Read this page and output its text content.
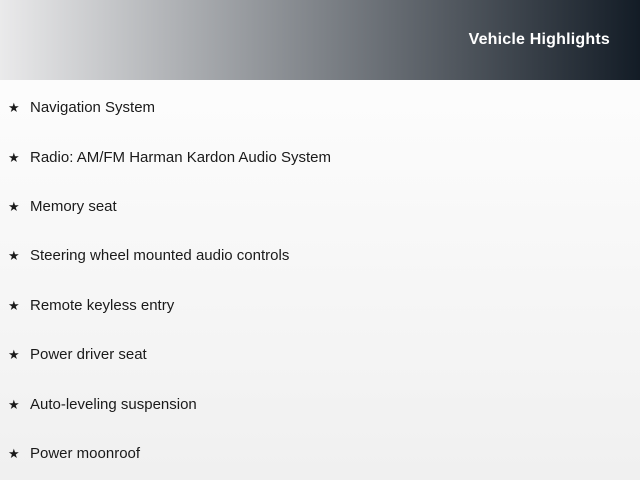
Vehicle Highlights
★ Navigation System
★ Radio: AM/FM Harman Kardon Audio System
★ Memory seat
★ Steering wheel mounted audio controls
★ Remote keyless entry
★ Power driver seat
★ Auto-leveling suspension
★ Power moonroof
